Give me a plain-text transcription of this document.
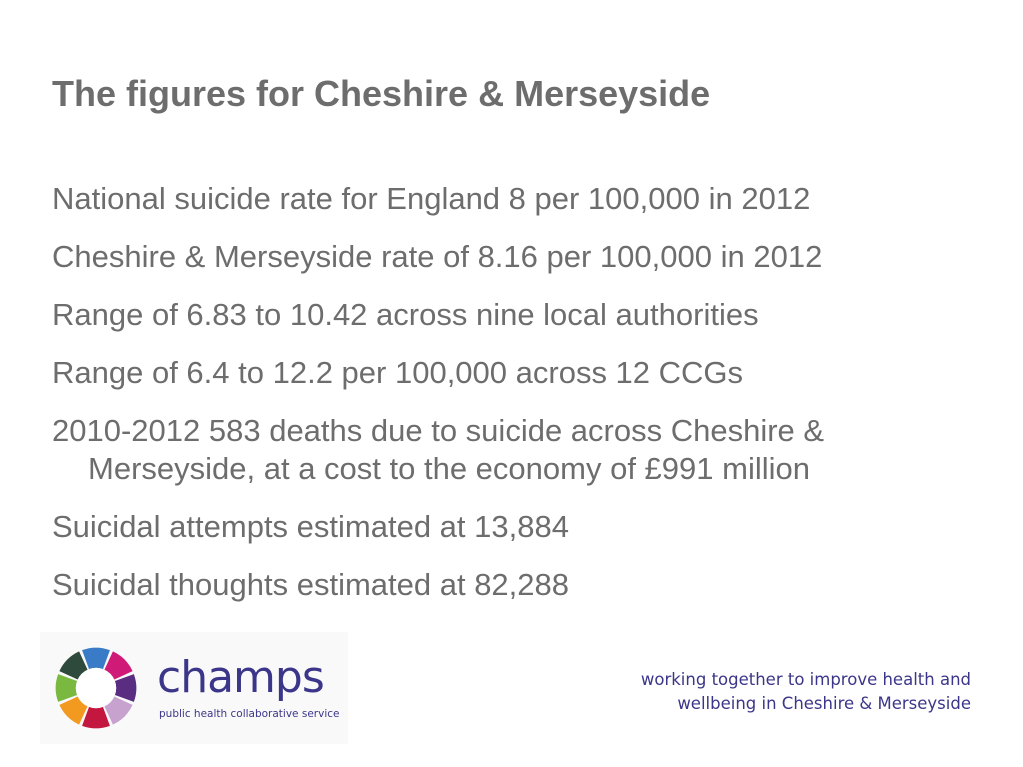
The figures for Cheshire & Merseyside
National suicide rate for England 8 per 100,000 in 2012
Cheshire & Merseyside rate of 8.16 per 100,000 in 2012
Range of 6.83 to 10.42 across nine local authorities
Range of 6.4 to 12.2 per 100,000 across 12 CCGs
2010-2012 583 deaths due to suicide across Cheshire & Merseyside, at a cost to the economy of £991 million
Suicidal attempts estimated at 13,884
Suicidal thoughts estimated at 82,288
champs
public health collaborative service

working together to improve health and
wellbeing in Cheshire & Merseyside
